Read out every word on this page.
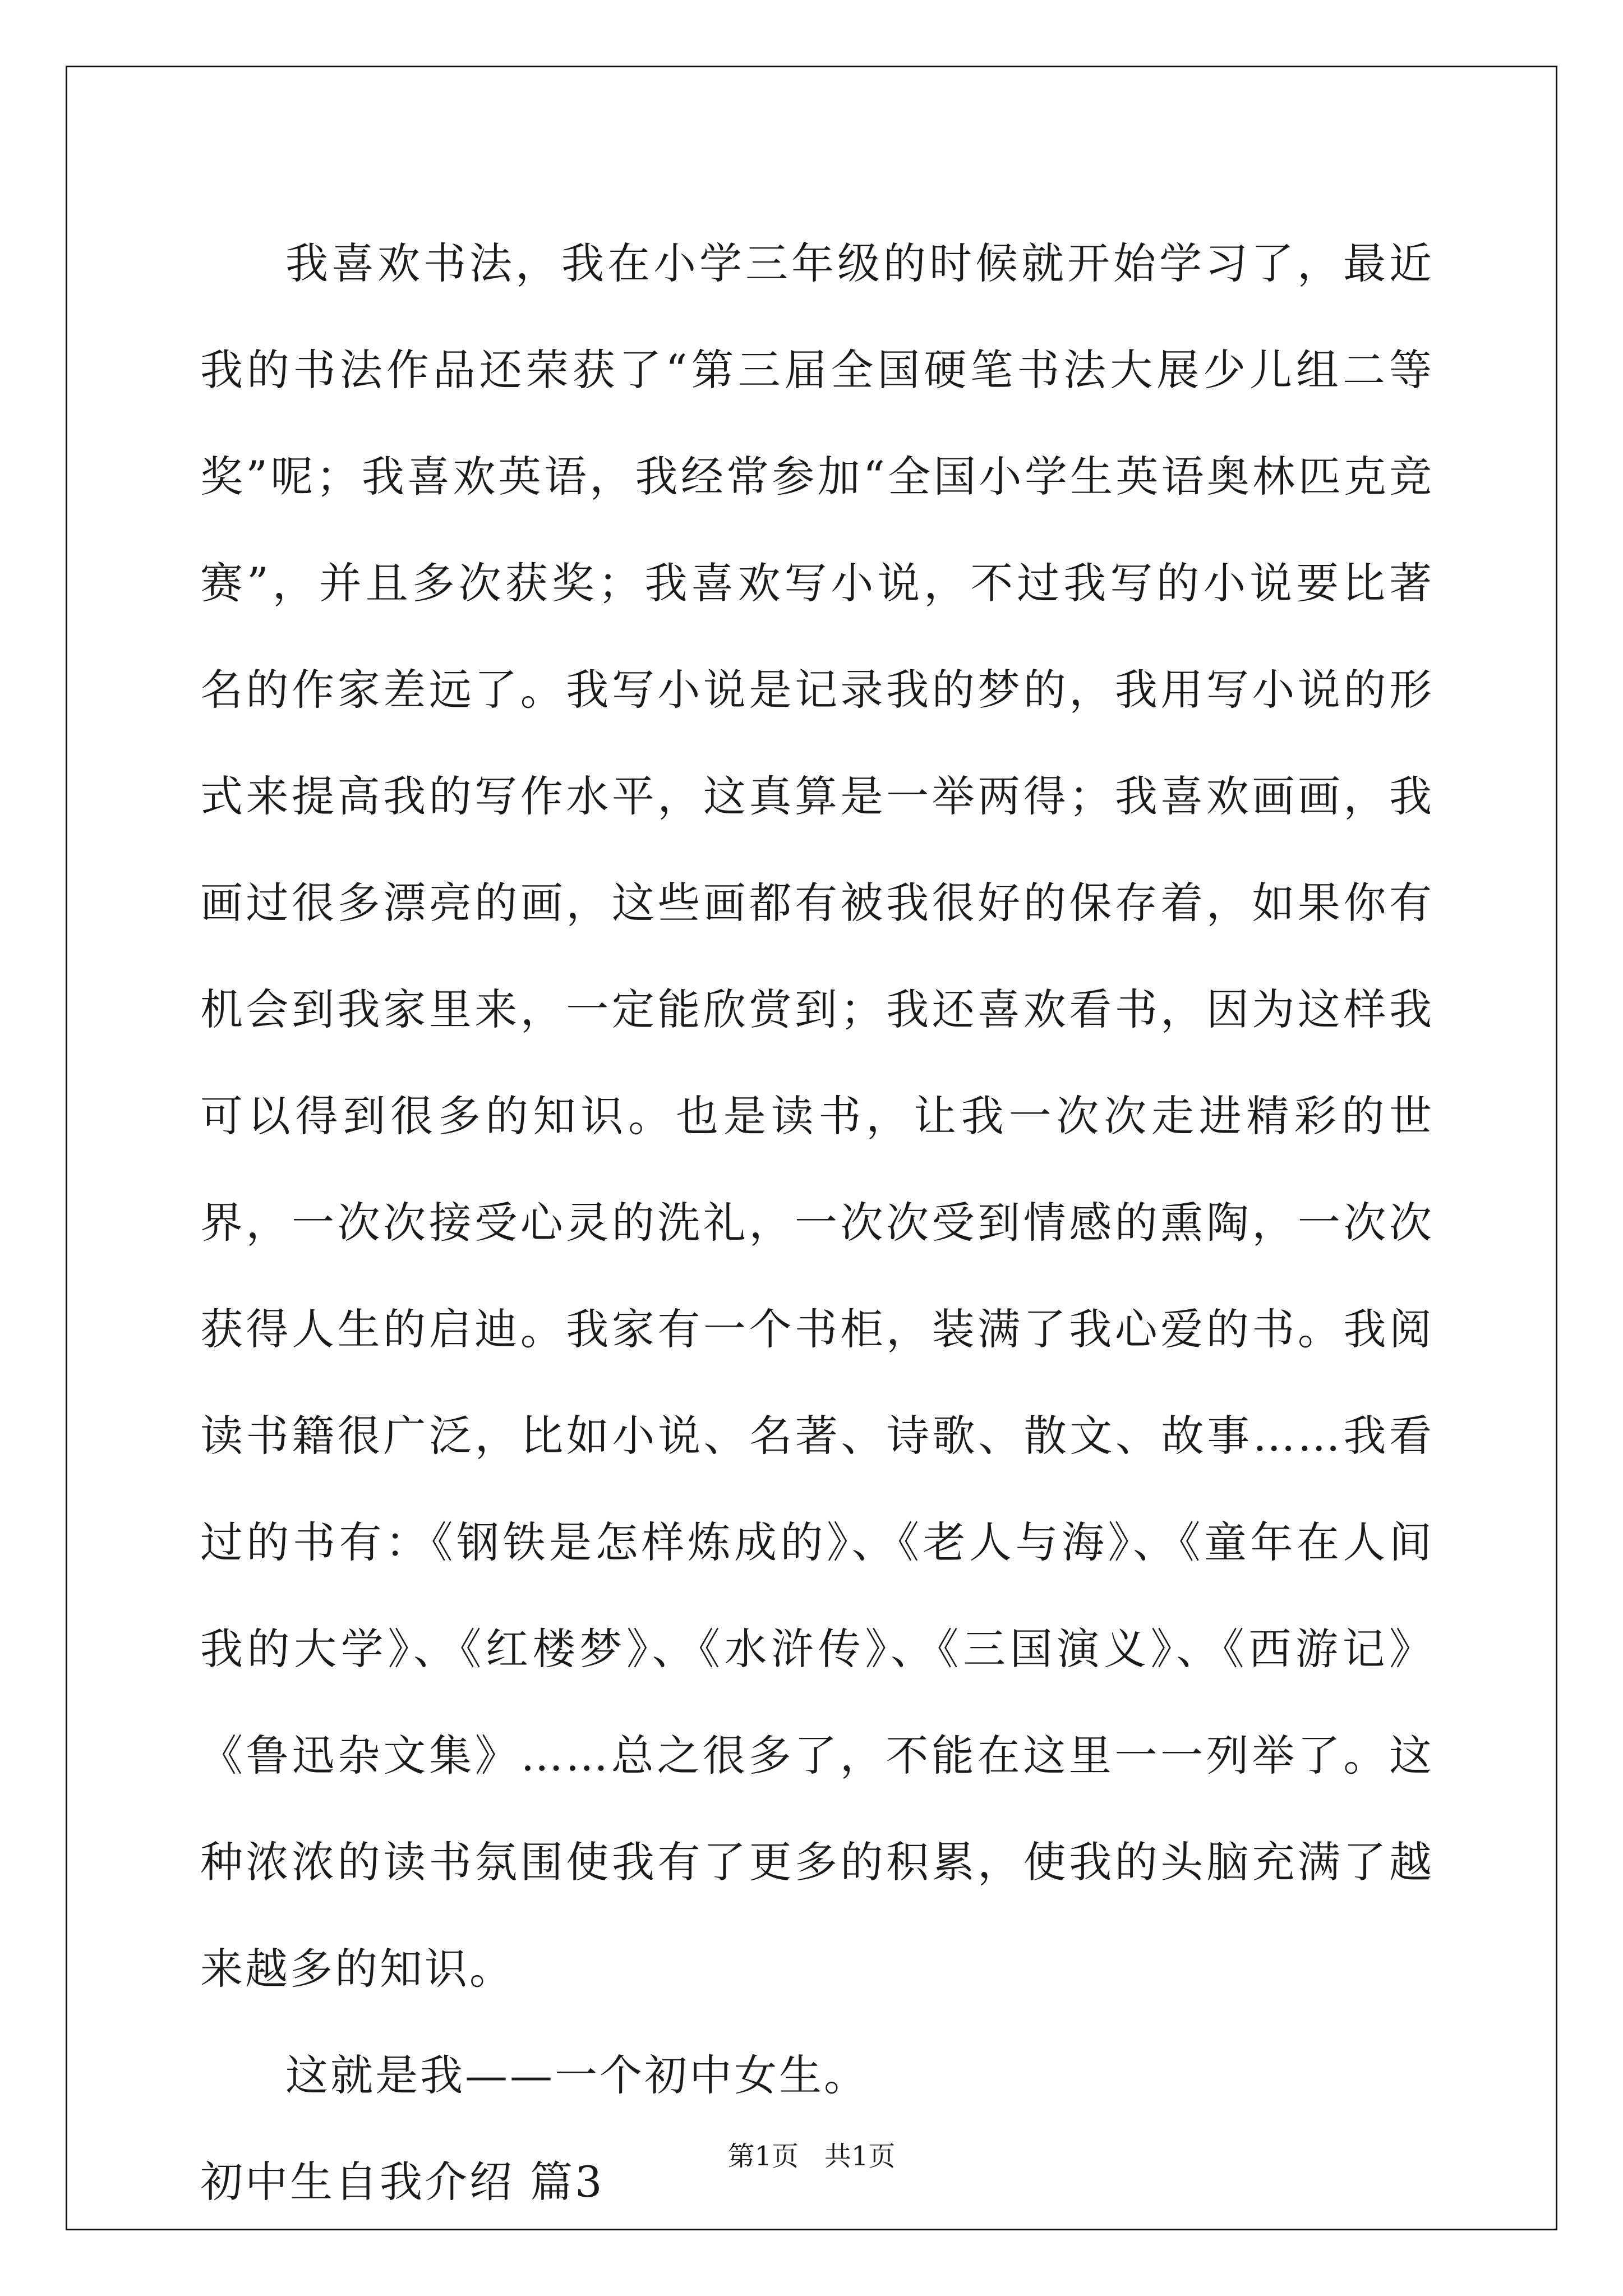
我喜欢书法，我在小学三年级的时候就开始学习了，最近我的书法作品还荣获了“第三届全国硬笔书法大展少儿组二等奖”呢；我喜欢英语，我经常参加“全国小学生英语奥林匹克竞赛”，并且多次获奖；我喜欢写小说，不过我写的小说要比著名的作家差远了。我写小说是记录我的梦的，我用写小说的形式来提高我的写作水平，这真算是一举两得；我喜欢画画，我画过很多漂亮的画，这些画都有被我很好的保存着，如果你有机会到我家里来，一定能欣赏到；我还喜欢看书，因为这样我可以得到很多的知识。也是读书，让我一次次走进精彩的世界，一次次接受心灵的洗礼，一次次受到情感的熏陶，一次次获得人生的启迪。我家有一个书柜，装满了我心爱的书。我阅读书籍很广泛，比如小说、名著、诗歌、散文、故事……我看过的书有：《钢铁是怎样炼成的》、《老人与海》、《童年在人间我的大学》、《红楼梦》、《水浒传》、《三国演义》、《西游记》《鲁迅杂文集》……总之很多了，不能在这里一一列举了。这种浓浓的读书氛围使我有了更多的积累，使我的头脑充满了越来越多的知识。

这就是我——一个初中女生。

初中生自我介绍 篇3

第1页 共1页
